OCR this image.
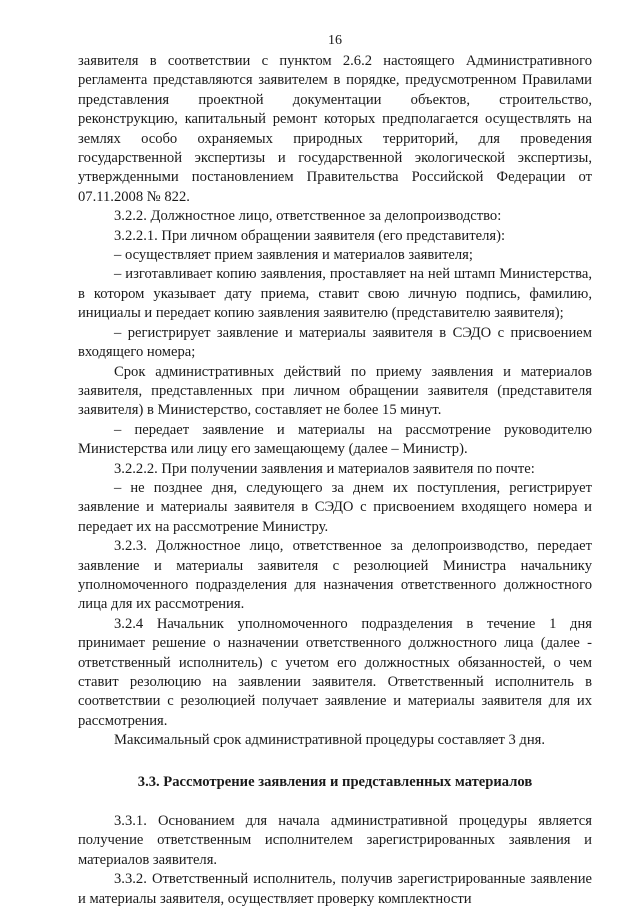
16

заявителя в соответствии с пунктом 2.6.2 настоящего Административного регламента представляются заявителем в порядке, предусмотренном Правилами представления проектной документации объектов, строительство, реконструкцию, капитальный ремонт которых предполагается осуществлять на землях особо охраняемых природных территорий, для проведения государственной экспертизы и государственной экологической экспертизы, утвержденными постановлением Правительства Российской Федерации от 07.11.2008 № 822.

3.2.2. Должностное лицо, ответственное за делопроизводство:

3.2.2.1. При личном обращении заявителя (его представителя):

– осуществляет прием заявления и материалов заявителя;

– изготавливает копию заявления, проставляет на ней штамп Министерства, в котором указывает дату приема, ставит свою личную подпись, фамилию, инициалы и передает копию заявления заявителю (представителю заявителя);

– регистрирует заявление и материалы заявителя в СЭДО с присвоением входящего номера;

Срок административных действий по приему заявления и материалов заявителя, представленных при личном обращении заявителя (представителя заявителя) в Министерство, составляет не более 15 минут.

– передает заявление и материалы на рассмотрение руководителю Министерства или лицу его замещающему (далее – Министр).

3.2.2.2. При получении заявления и материалов заявителя по почте:

– не позднее дня, следующего за днем их поступления, регистрирует заявление и материалы заявителя в СЭДО с присвоением входящего номера и передает их на рассмотрение Министру.

3.2.3. Должностное лицо, ответственное за делопроизводство, передает заявление и материалы заявителя с резолюцией Министра начальнику уполномоченного подразделения для назначения ответственного должностного лица для их рассмотрения.

3.2.4 Начальник уполномоченного подразделения в течение 1 дня принимает решение о назначении ответственного должностного лица (далее - ответственный исполнитель) с учетом его должностных обязанностей, о чем ставит резолюцию на заявлении заявителя. Ответственный исполнитель в соответствии с резолюцией получает заявление и материалы заявителя для их рассмотрения.

Максимальный срок административной процедуры составляет 3 дня.

3.3. Рассмотрение заявления и представленных материалов

3.3.1. Основанием для начала административной процедуры является получение ответственным исполнителем зарегистрированных заявления и материалов заявителя.

3.3.2. Ответственный исполнитель, получив зарегистрированные заявление и материалы заявителя, осуществляет проверку комплектности
